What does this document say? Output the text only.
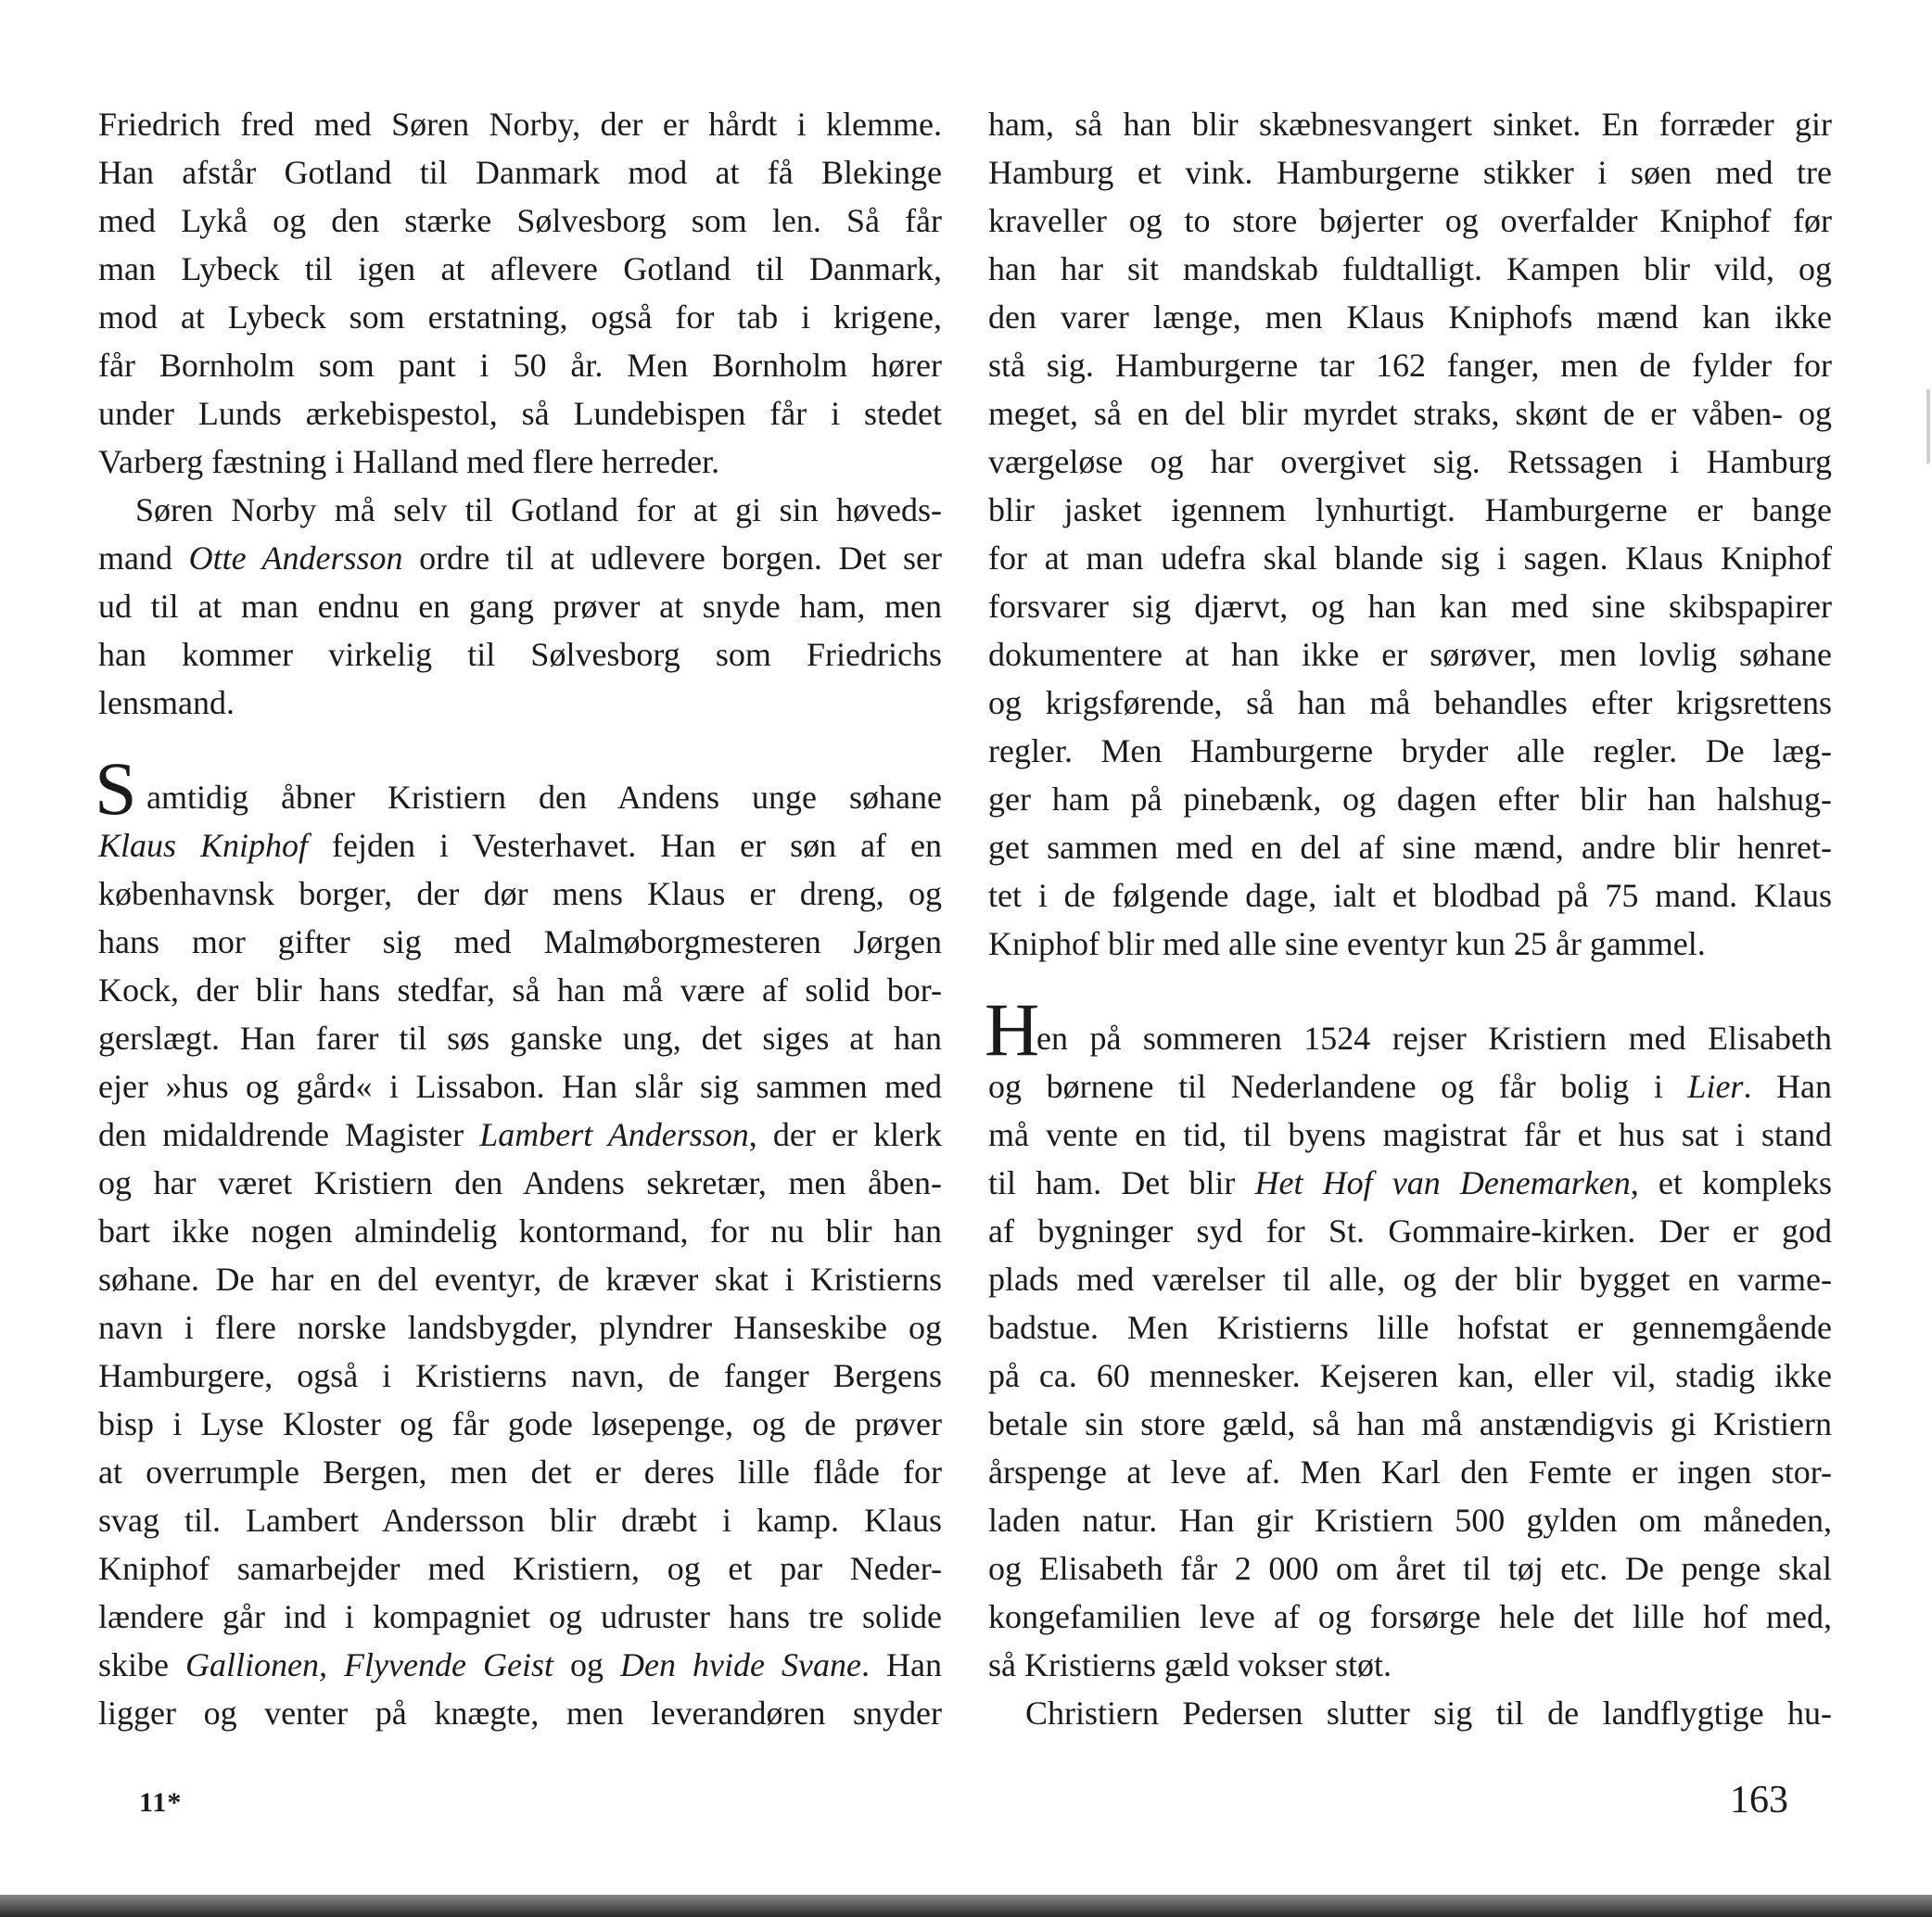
Friedrich fred med Søren Norby, der er hårdt i klemme.
Han afstår Gotland til Danmark mod at få Blekinge
med Lykå og den stærke Sølvesborg som len. Så får
man Lybeck til igen at aflevere Gotland til Danmark,
mod at Lybeck som erstatning, også for tab i krigene,
får Bornholm som pant i 50 år. Men Bornholm hører
under Lunds ærkebispestol, så Lundebispen får i stedet
Varberg fæstning i Halland med flere herreder.
Søren Norby må selv til Gotland for at gi sin høveds-
mand Otte Andersson ordre til at udlevere borgen. Det ser
ud til at man endnu en gang prøver at snyde ham, men
han kommer virkelig til Sølvesborg som Friedrichs
lensmand.
S amtidig åbner Kristiern den Andens unge søhane
Klaus Kniphof fejden i Vesterhavet. Han er søn af en
københavnsk borger, der dør mens Klaus er dreng, og
hans mor gifter sig med Malmøborgmesteren Jørgen
Kock, der blir hans stedfar, så han må være af solid bor-
gerslægt. Han farer til søs ganske ung, det siges at han
ejer »hus og gård« i Lissabon. Han slår sig sammen med
den midaldrende Magister Lambert Andersson, der er klerk
og har været Kristiern den Andens sekretær, men åben-
bart ikke nogen almindelig kontormand, for nu blir han
søhane. De har en del eventyr, de kræver skat i Kristierns
navn i flere norske landsbygder, plyndrer Hanseskibe og
Hamburgere, også i Kristierns navn, de fanger Bergens
bisp i Lyse Kloster og får gode løsepenge, og de prøver
at overrumple Bergen, men det er deres lille flåde for
svag til. Lambert Andersson blir dræbt i kamp. Klaus
Kniphof samarbejder med Kristiern, og et par Neder-
lændere går ind i kompagniet og udruster hans tre solide
skibe Gallionen, Flyvende Geist og Den hvide Svane. Han
ligger og venter på knægte, men leverandøren snyder
ham, så han blir skæbnesvangert sinket. En forræder gir
Hamburg et vink. Hamburgerne stikker i søen med tre
kraveller og to store bøjerter og overfalder Kniphof før
han har sit mandskab fuldtalligt. Kampen blir vild, og
den varer længe, men Klaus Kniphofs mænd kan ikke
stå sig. Hamburgerne tar 162 fanger, men de fylder for
meget, så en del blir myrdet straks, skønt de er våben- og
værgeløse og har overgivet sig. Retssagen i Hamburg
blir jasket igennem lynhurtigt. Hamburgerne er bange
for at man udefra skal blande sig i sagen. Klaus Kniphof
forsvarer sig djærvt, og han kan med sine skibspapirer
dokumentere at han ikke er sørøver, men lovlig søhane
og krigsførende, så han må behandles efter krigsrettens
regler. Men Hamburgerne bryder alle regler. De læg-
ger ham på pinebænk, og dagen efter blir han halshug-
get sammen med en del af sine mænd, andre blir henret-
tet i de følgende dage, ialt et blodbad på 75 mand. Klaus
Kniphof blir med alle sine eventyr kun 25 år gammel.
H
en på sommeren 1524 rejser Kristiern med Elisabeth
og børnene til Nederlandene og får bolig i Lier. Han
må vente en tid, til byens magistrat får et hus sat i stand
til ham. Det blir Het Hof van Denemarken, et kompleks
af bygninger syd for St. Gommaire-kirken. Der er god
plads med værelser til alle, og der blir bygget en varme-
badstue. Men Kristierns lille hofstat er gennemgående
på ca. 60 mennesker. Kejseren kan, eller vil, stadig ikke
betale sin store gæld, så han må anstændigvis gi Kristiern
årspenge at leve af. Men Karl den Femte er ingen stor-
laden natur. Han gir Kristiern 500 gylden om måneden,
og Elisabeth får 2 000 om året til tøj etc. De penge skal
kongefamilien leve af og forsørge hele det lille hof med,
så Kristierns gæld vokser støt.
Christiern Pedersen slutter sig til de landflygtige hu-
11*	163
